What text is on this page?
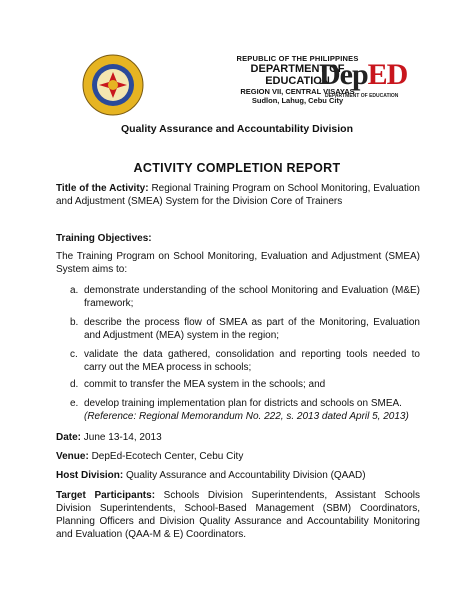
REPUBLIC OF THE PHILIPPINES
DEPARTMENT OF EDUCATION
REGION VII, CENTRAL VISAYAS
Sudlon, Lahug, Cebu City
DepED
DEPARTMENT OF EDUCATION
Quality Assurance and Accountability Division
ACTIVITY COMPLETION REPORT
Title of the Activity: Regional Training Program on School Monitoring, Evaluation and Adjustment (SMEA) System for the Division Core of Trainers
Training Objectives:
The Training Program on School Monitoring, Evaluation and Adjustment (SMEA) System aims to:
a. demonstrate understanding of the school Monitoring and Evaluation (M&E) framework;
b. describe the process flow of SMEA as part of the Monitoring, Evaluation and Adjustment (MEA) system in the region;
c. validate the data gathered, consolidation and reporting tools needed to carry out the MEA process in schools;
d. commit to transfer the MEA system in the schools; and
e. develop training implementation plan for districts and schools on SMEA.
(Reference: Regional Memorandum No. 222, s. 2013 dated April 5, 2013)
Date: June 13-14, 2013
Venue: DepEd-Ecotech Center, Cebu City
Host Division: Quality Assurance and Accountability Division (QAAD)
Target Participants: Schools Division Superintendents, Assistant Schools Division Superintendents, School-Based Management (SBM) Coordinators, Planning Officers and Division Quality Assurance and Accountability Monitoring and Evaluation (QAA-M & E) Coordinators.
